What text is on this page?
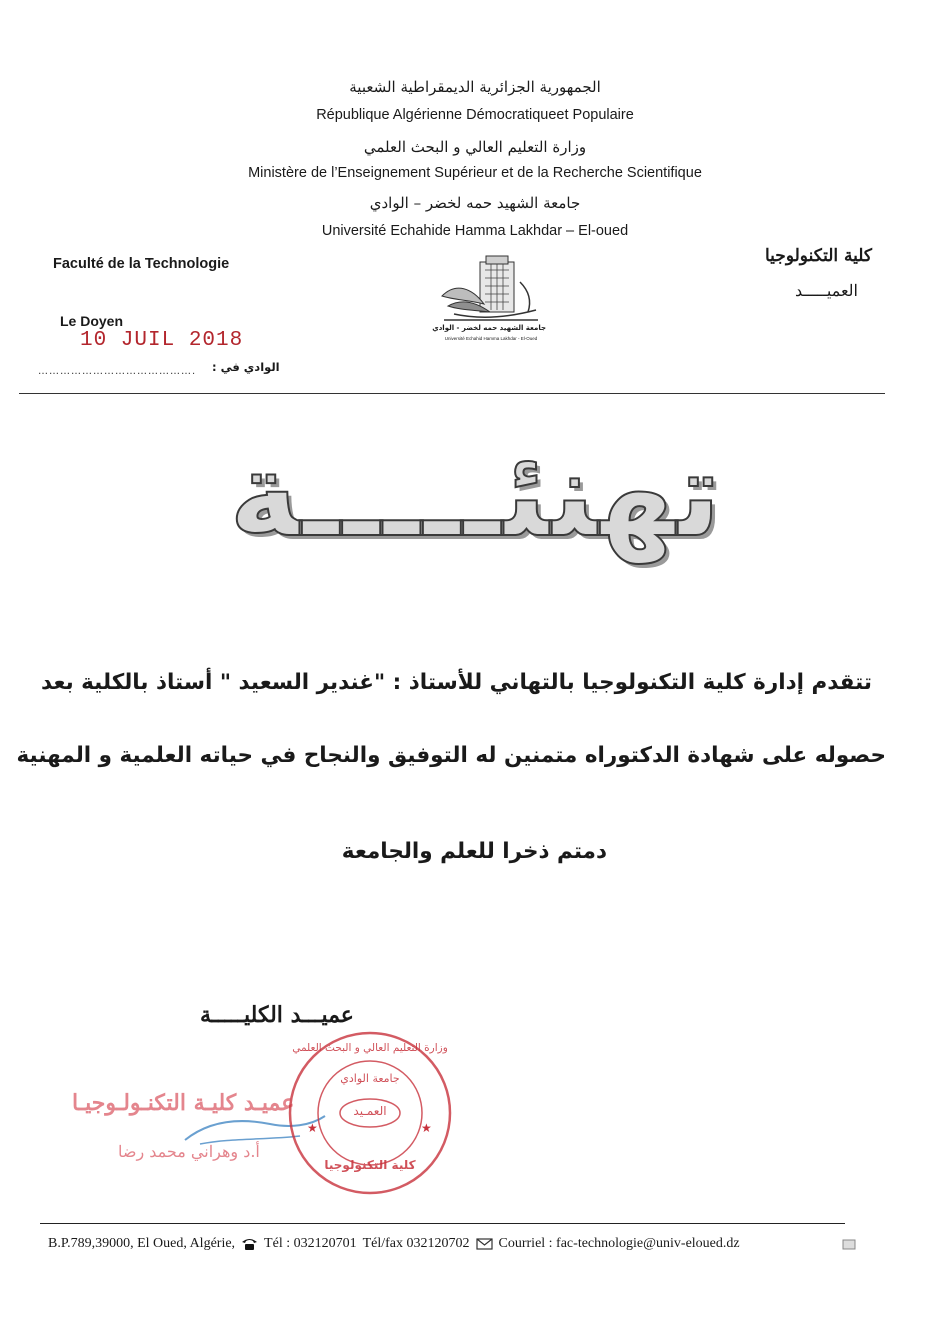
الجمهورية الجزائرية الديمقراطية الشعبية
République Algérienne Démocratiqueet Populaire
وزارة التعليم العالي و البحث العلمي
Ministère de l’Enseignement Supérieur et de la Recherche Scientifique
جامعة الشهيد حمه لخضر – الوادي
Université Echahide Hamma Lakhdar – El-oued
Faculté de la Technologie	كلية التكنولوجيا
العميـــــد
Le Doyen
10 JUIL 2018
……………………………………. الوادي في :
جامعة الشهيد حمه لخضر - الوادي
Université Echahid Hamma Lakhdar - El-Oued
تهنئـــــة
تتقدم إدارة كلية التكنولوجيا بالتهاني للأستاذ : "غندير السعيد " أستاذ بالكلية بعد
حصوله على شهادة الدكتوراه متمنين له التوفيق والنجاح في حياته العلمية و المهنية
دمتم ذخرا للعلم والجامعة
عميـــد الكليـــــة
عميـد كليـة التكنـولـوجيـا
أ.د وهراني محمد رضا
★	★
وزارة التعليم العالي و البحث العلمي
جامعة الوادي
العمـيد
كلية التكنولوجيا
B.P.789,39000, El Oued, Algérie, Tél : 032120701 Tél/fax 032120702 Courriel : fac-technologie@univ-eloued.dz
